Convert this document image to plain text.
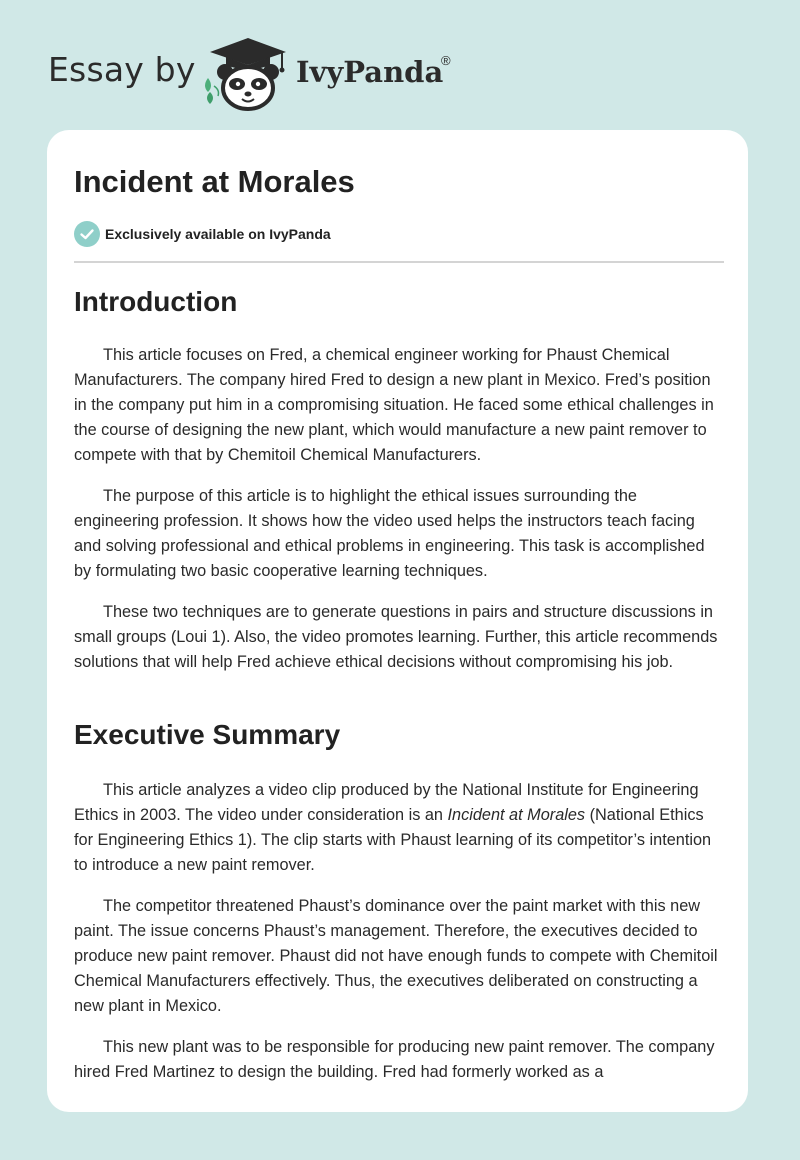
Essay by	IvyPanda
®
Incident at Morales
Exclusively available on IvyPanda
Introduction

This article focuses on Fred, a chemical engineer working for Phaust Chemical Manufacturers. The company hired Fred to design a new plant in Mexico. Fred’s position in the company put him in a compromising situation. He faced some ethical challenges in the course of designing the new plant, which would manufacture a new paint remover to compete with that by Chemitoil Chemical Manufacturers.

The purpose of this article is to highlight the ethical issues surrounding the engineering profession. It shows how the video used helps the instructors teach facing and solving professional and ethical problems in engineering. This task is accomplished by formulating two basic cooperative learning techniques.

These two techniques are to generate questions in pairs and structure discussions in small groups (Loui 1). Also, the video promotes learning. Further, this article recommends solutions that will help Fred achieve ethical decisions without compromising his job.

Executive Summary

This article analyzes a video clip produced by the National Institute for Engineering Ethics in 2003. The video under consideration is an Incident at Morales (National Ethics for Engineering Ethics 1). The clip starts with Phaust learning of its competitor’s intention to introduce a new paint remover.

The competitor threatened Phaust’s dominance over the paint market with this new paint. The issue concerns Phaust’s management. Therefore, the executives decided to produce new paint remover. Phaust did not have enough funds to compete with Chemitoil Chemical Manufacturers effectively. Thus, the executives deliberated on constructing a new plant in Mexico.

This new plant was to be responsible for producing new paint remover. The company hired Fred Martinez to design the building. Fred had formerly worked as a
